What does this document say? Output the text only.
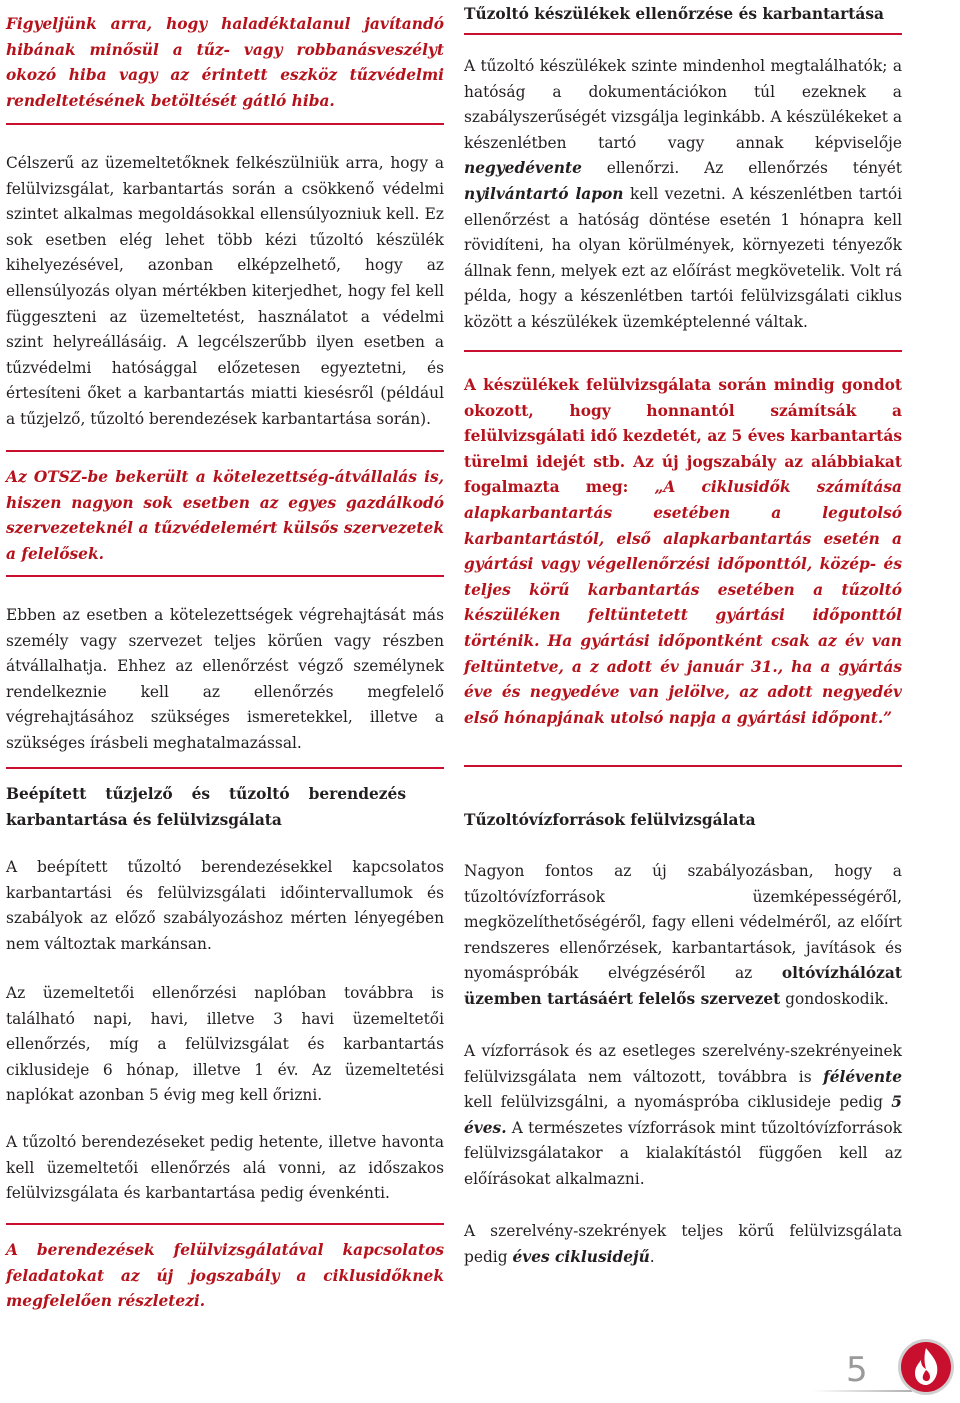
Figyeljünk arra, hogy haladéktalanul javítandó hibának minősül a tűz- vagy robbanásveszélyt okozó hiba vagy az érintett eszköz tűzvédelmi rendeltetésének betöltését gátló hiba.

Célszerű az üzemeltetőknek felkészülniük arra, hogy a felülvizsgálat, karbantartás során a csökkenő védelmi szintet alkalmas megoldásokkal ellensúlyozniuk kell. Ez sok esetben elég lehet több kézi tűzoltó készülék kihelyezésével, azonban elképzelhető, hogy az ellensúlyozás olyan mértékben kiterjedhet, hogy fel kell függeszteni az üzemeltetést, használatot a védelmi szint helyreállásáig. A legcélszerűbb ilyen esetben a tűzvédelmi hatósággal előzetesen egyeztetni, és értesíteni őket a karbantartás miatti kiesésről (például a tűzjelző, tűzoltó berendezések karbantartása során).

Az OTSZ-be bekerült a kötelezettség-átvállalás is, hiszen nagyon sok esetben az egyes gazdálkodó szervezeteknél a tűzvédelemért külsős szervezetek a felelősek.

Ebben az esetben a kötelezettségek végrehajtását más személy vagy szervezet teljes körűen vagy részben átvállalhatja. Ehhez az ellenőrzést végző személynek rendelkeznie kell az ellenőrzés megfelelő végrehajtásához szükséges ismeretekkel, illetve a szükséges írásbeli meghatalmazással.

Beépített tűzjelző és tűzoltó berendezés karbantartása és felülvizsgálata

A beépített tűzoltó berendezésekkel kapcsolatos karbantartási és felülvizsgálati időintervallumok és szabályok az előző szabályozáshoz mérten lényegében nem változtak markánsan.

Az üzemeltetői ellenőrzési naplóban továbbra is található napi, havi, illetve 3 havi üzemeltetői ellenőrzés, míg a felülvizsgálat és karbantartás ciklusideje 6 hónap, illetve 1 év. Az üzemeltetési naplókat azonban 5 évig meg kell őrizni.

A tűzoltó berendezéseket pedig hetente, illetve havonta kell üzemeltetői ellenőrzés alá vonni, az időszakos felülvizsgálata és karbantartása pedig évenkénti.

A berendezések felülvizsgálatával kapcsolatos feladatokat az új jogszabály a ciklusidőknek megfelelően részletezi.

Tűzoltó készülékek ellenőrzése és karbantartása

A tűzoltó készülékek szinte mindenhol megtalálhatók; a hatóság a dokumentációkon túl ezeknek a szabályszerűségét vizsgálja leginkább. A készülékeket a készenlétben tartó vagy annak képviselője negyedévente ellenőrzi. Az ellenőrzés tényét nyilvántartó lapon kell vezetni. A készenlétben tartói ellenőrzést a hatóság döntése esetén 1 hónapra kell rövidíteni, ha olyan körülmények, környezeti tényezők állnak fenn, melyek ezt az előírást megkövetelik. Volt rá példa, hogy a készenlétben tartói felülvizsgálati ciklus között a készülékek üzemképtelenné váltak.

A készülékek felülvizsgálata során mindig gondot okozott, hogy honnantól számítsák a felülvizsgálati idő kezdetét, az 5 éves karbantartás türelmi idejét stb. Az új jogszabály az alábbiakat fogalmazta meg: „A ciklusidők számítása alapkarbantartás esetében a legutolsó karbantartástól, első alapkarbantartás esetén a gyártási vagy végellenőrzési időponttól, közép- és teljes körű karbantartás esetében a tűzoltó készüléken feltüntetett gyártási időponttól történik. Ha gyártási időpontként csak az év van feltüntetve, a z adott év január 31., ha a gyártás éve és negyedéve van jelölve, az adott negyedév első hónapjának utolsó napja a gyártási időpont.”

Tűzoltóvízforrások felülvizsgálata

Nagyon fontos az új szabályozásban, hogy a tűzoltóvízforrások üzemképességéről, megközelíthetőségéről, fagy elleni védelméről, az előírt rendszeres ellenőrzések, karbantartások, javítások és nyomáspróbák elvégzéséről az oltóvízhálózat üzemben tartásáért felelős szervezet gondoskodik.

A vízforrások és az esetleges szerelvény-szekrényeinek felülvizsgálata nem változott, továbbra is félévente kell felülvizsgálni, a nyomáspróba ciklusideje pedig 5 éves. A természetes vízforrások mint tűzoltóvízforrások felülvizsgálatakor a kialakítástól függően kell az előírásokat alkalmazni.

A szerelvény-szekrények teljes körű felülvizsgálata pedig éves ciklusidejű.

5
